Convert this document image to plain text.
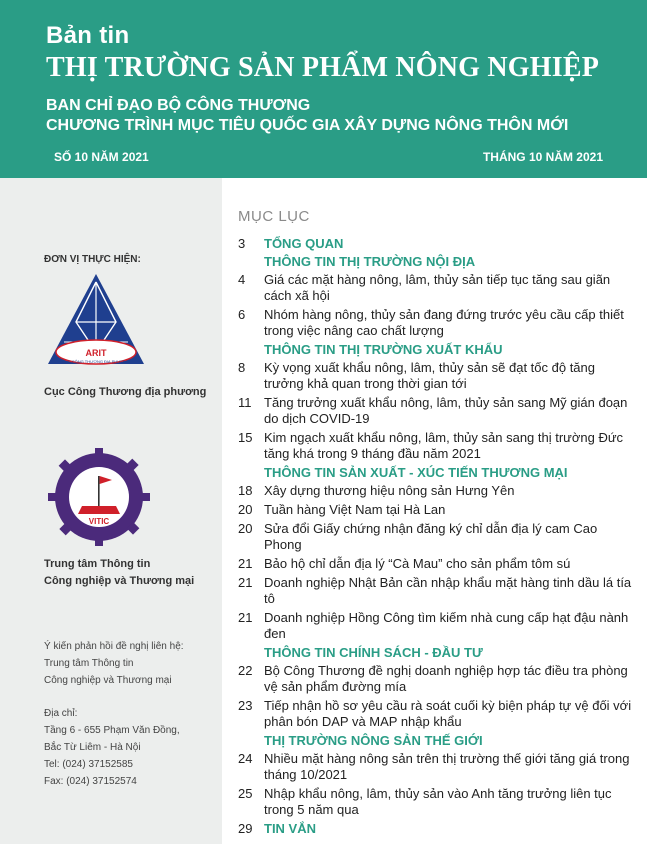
Bản tin
THỊ TRƯỜNG SẢN PHẨM NÔNG NGHIỆP
BAN CHỈ ĐẠO BỘ CÔNG THƯƠNG
CHƯƠNG TRÌNH MỤC TIÊU QUỐC GIA XÂY DỰNG NÔNG THÔN MỚI
SỐ 10 NĂM 2021	THÁNG 10 NĂM 2021
ĐƠN VỊ THỰC HIỆN:
ARIT
CỤC CÔNG THƯƠNG ĐỊA PHƯƠNG
Cục Công Thương địa phương
VITIC
Trung tâm Thông tin
Công nghiệp và Thương mại
Ý kiến phản hồi đề nghị liên hệ:
Trung tâm Thông tin
Công nghiệp và Thương mại
Địa chỉ:
Tầng 6 - 655 Phạm Văn Đồng,
Bắc Từ Liêm - Hà Nội
Tel: (024) 37152585
Fax: (024) 37152574
MỤC LỤC
3	TỔNG QUAN
THÔNG TIN THỊ TRƯỜNG NỘI ĐỊA
4	Giá các mặt hàng nông, lâm, thủy sản tiếp tục tăng sau giãn cách xã hội
6	Nhóm hàng nông, thủy sản đang đứng trước yêu cầu cấp thiết trong việc nâng cao chất lượng
THÔNG TIN THỊ TRƯỜNG XUẤT KHẨU
8	Kỳ vọng xuất khẩu nông, lâm, thủy sản sẽ đạt tốc độ tăng trưởng khả quan trong thời gian tới
11 Tăng trưởng xuất khẩu nông, lâm, thủy sản sang Mỹ gián đoạn do dịch COVID-19
15 Kim ngạch xuất khẩu nông, lâm, thủy sản sang thị trường Đức tăng khá trong 9 tháng đầu năm 2021
THÔNG TIN SẢN XUẤT - XÚC TIẾN THƯƠNG MẠI
18 Xây dựng thương hiệu nông sản Hưng Yên
20 Tuần hàng Việt Nam tại Hà Lan
20 Sửa đổi Giấy chứng nhận đăng ký chỉ dẫn địa lý cam Cao Phong
21 Bảo hộ chỉ dẫn địa lý “Cà Mau” cho sản phẩm tôm sú
21 Doanh nghiệp Nhật Bản cần nhập khẩu mặt hàng tinh dầu lá tía tô
21 Doanh nghiệp Hồng Công tìm kiếm nhà cung cấp hạt đậu nành đen
THÔNG TIN CHÍNH SÁCH - ĐẦU TƯ
22 Bộ Công Thương đề nghị doanh nghiệp hợp tác điều tra phòng vệ sản phẩm đường mía
23 Tiếp nhận hồ sơ yêu cầu rà soát cuối kỳ biện pháp tự vệ đối với phân bón DAP và MAP nhập khẩu
THỊ TRƯỜNG NÔNG SẢN THẾ GIỚI
24 Nhiều mặt hàng nông sản trên thị trường thế giới tăng giá trong tháng 10/2021
25 Nhập khẩu nông, lâm, thủy sản vào Anh tăng trưởng liên tục trong 5 năm qua
29 TIN VẮN
